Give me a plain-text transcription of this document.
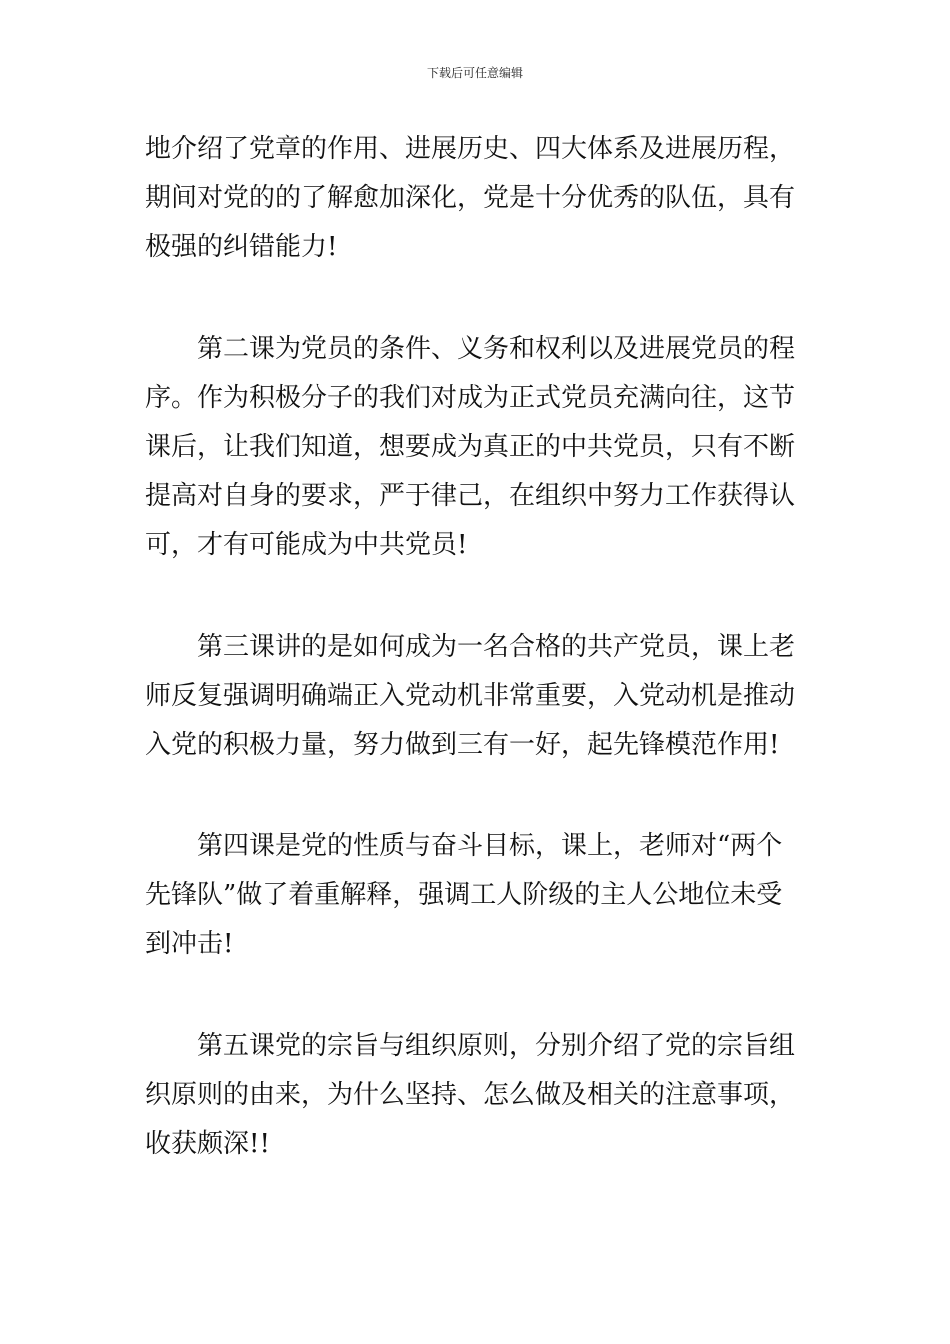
下载后可任意编辑
地介绍了党章的作用、进展历史、四大体系及进展历程，
期间对党的的了解愈加深化，党是十分优秀的队伍，具有
极强的纠错能力!
　　第二课为党员的条件、义务和权利以及进展党员的程
序。作为积极分子的我们对成为正式党员充满向往，这节
课后，让我们知道，想要成为真正的中共党员，只有不断
提高对自身的要求，严于律己，在组织中努力工作获得认
可，才有可能成为中共党员!
　　第三课讲的是如何成为一名合格的共产党员，课上老
师反复强调明确端正入党动机非常重要，入党动机是推动
入党的积极力量，努力做到三有一好，起先锋模范作用!
　　第四课是党的性质与奋斗目标，课上，老师对“两个
先锋队”做了着重解释，强调工人阶级的主人公地位未受
到冲击!
　　第五课党的宗旨与组织原则，分别介绍了党的宗旨组
织原则的由来，为什么坚持、怎么做及相关的注意事项，
收获颇深!!
